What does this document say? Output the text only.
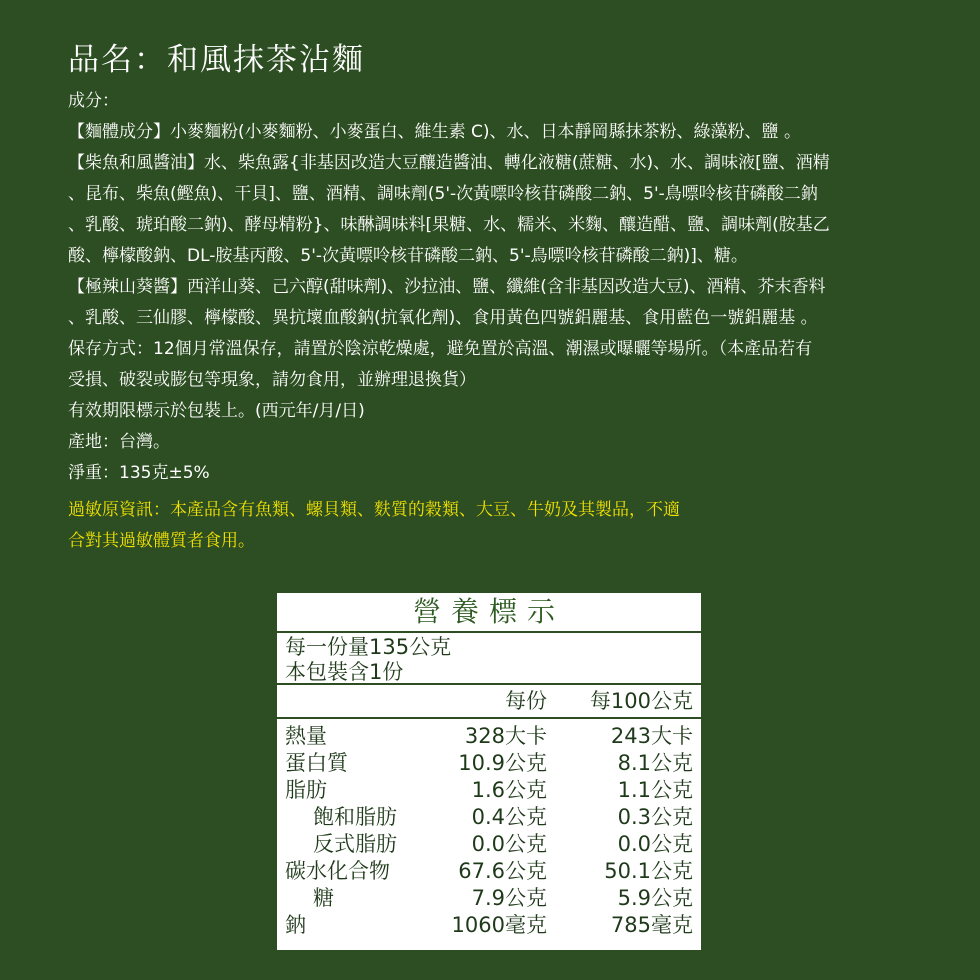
品名：和風抹茶沾麵
成分：
【麵體成分】小麥麵粉(小麥麵粉、小麥蛋白、維生素 C)、水、日本靜岡縣抹茶粉、綠藻粉、鹽 。
【柴魚和風醬油】水、柴魚露{非基因改造大豆釀造醬油、轉化液糖(蔗糖、水)、水、調味液[鹽、酒精
、昆布、柴魚(鰹魚)、干貝]、鹽、酒精、調味劑(5'-次黃嘌呤核苷磷酸二鈉、5'-鳥嘌呤核苷磷酸二鈉
、乳酸、琥珀酸二鈉)、酵母精粉}、味醂調味料[果糖、水、糯米、米麴、釀造醋、鹽、調味劑(胺基乙
酸、檸檬酸鈉、DL-胺基丙酸、5'-次黃嘌呤核苷磷酸二鈉、5'-鳥嘌呤核苷磷酸二鈉)]、糖。
【極辣山葵醬】西洋山葵、己六醇(甜味劑)、沙拉油、鹽、纖維(含非基因改造大豆)、酒精、芥末香料
、乳酸、三仙膠、檸檬酸、異抗壞血酸鈉(抗氧化劑)、食用黃色四號鋁麗基、食用藍色一號鋁麗基 。
保存方式：12個月常溫保存，請置於陰涼乾燥處，避免置於高溫、潮濕或曝曬等場所。（本產品若有
受損、破裂或膨包等現象，請勿食用，並辦理退換貨）
有效期限標示於包裝上。(西元年/月/日)
產地：台灣。
淨重：135克±5%
過敏原資訊：本產品含有魚類、螺貝類、麩質的穀類、大豆、牛奶及其製品，不適
合對其過敏體質者食用。
營養標示
每一份量135公克
本包裝含1份
每份	每100公克
熱量	328大卡	243大卡
蛋白質	10.9公克	8.1公克
脂肪	1.6公克	1.1公克
飽和脂肪	0.4公克	0.3公克
反式脂肪	0.0公克	0.0公克
碳水化合物	67.6公克	50.1公克
糖	7.9公克	5.9公克
鈉	1060毫克	785毫克
